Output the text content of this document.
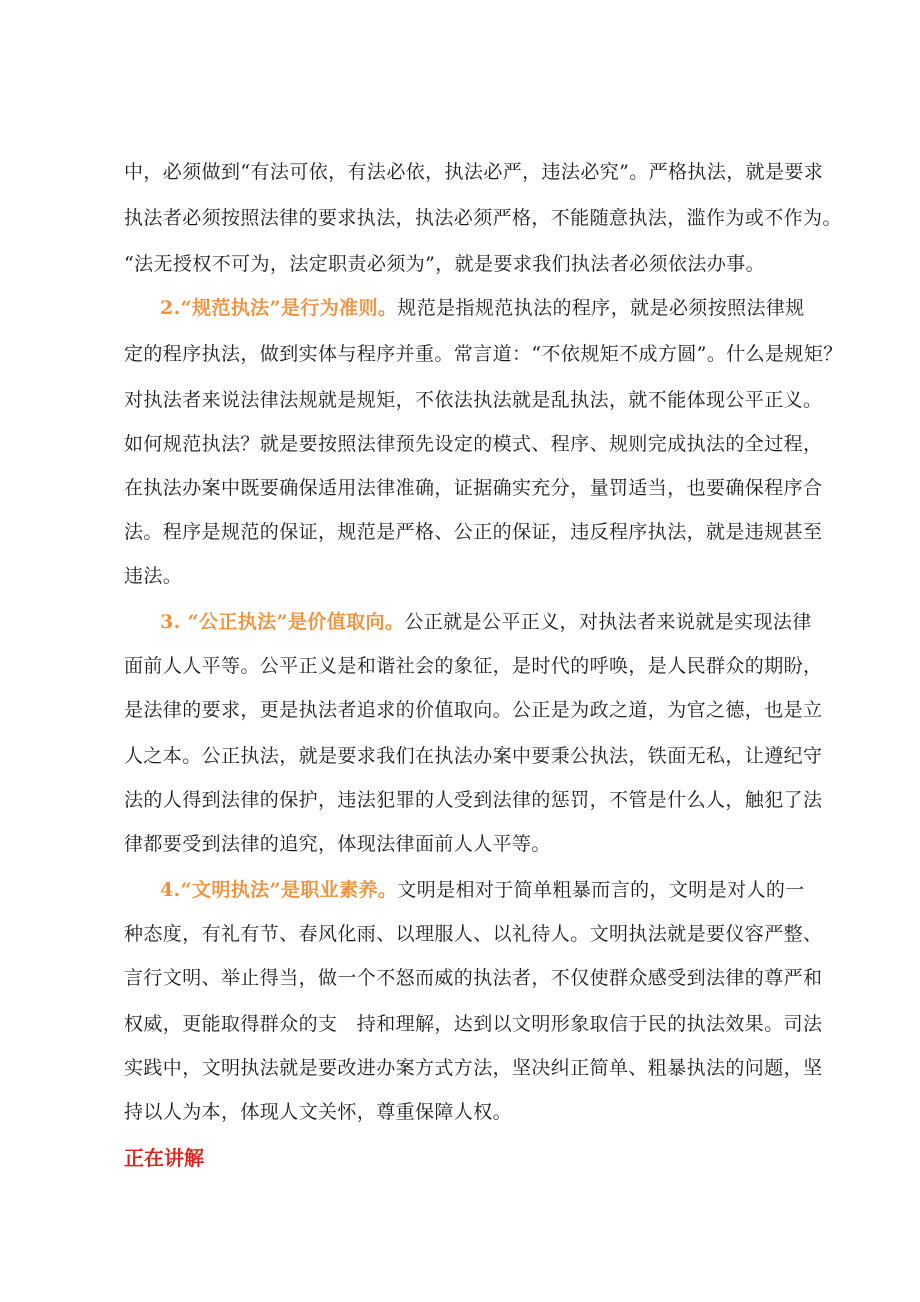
中，必须做到“有法可依，有法必依，执法必严，违法必究”。严格执法，就是要求
执法者必须按照法律的要求执法，执法必须严格，不能随意执法，滥作为或不作为。
“法无授权不可为，法定职责必须为”，就是要求我们执法者必须依法办事。
2.“规范执法”是行为准则。规范是指规范执法的程序，就是必须按照法律规
定的程序执法，做到实体与程序并重。常言道：“不依规矩不成方圆”。什么是规矩？
对执法者来说法律法规就是规矩，不依法执法就是乱执法，就不能体现公平正义。
如何规范执法？就是要按照法律预先设定的模式、程序、规则完成执法的全过程，
在执法办案中既要确保适用法律准确，证据确实充分，量罚适当，也要确保程序合
法。程序是规范的保证，规范是严格、公正的保证，违反程序执法，就是违规甚至
违法。
3. “公正执法”是价值取向。公正就是公平正义，对执法者来说就是实现法律
面前人人平等。公平正义是和谐社会的象征，是时代的呼唤，是人民群众的期盼，
是法律的要求，更是执法者追求的价值取向。公正是为政之道，为官之德，也是立
人之本。公正执法，就是要求我们在执法办案中要秉公执法，铁面无私，让遵纪守
法的人得到法律的保护，违法犯罪的人受到法律的惩罚，不管是什么人，触犯了法
律都要受到法律的追究，体现法律面前人人平等。
4.“文明执法”是职业素养。文明是相对于简单粗暴而言的，文明是对人的一
种态度，有礼有节、春风化雨、以理服人、以礼待人。文明执法就是要仪容严整、
言行文明、举止得当，做一个不怒而威的执法者，不仅使群众感受到法律的尊严和
权威，更能取得群众的支　持和理解，达到以文明形象取信于民的执法效果。司法
实践中，文明执法就是要改进办案方式方法，坚决纠正简单、粗暴执法的问题，坚
持以人为本，体现人文关怀，尊重保障人权。
正在讲解
